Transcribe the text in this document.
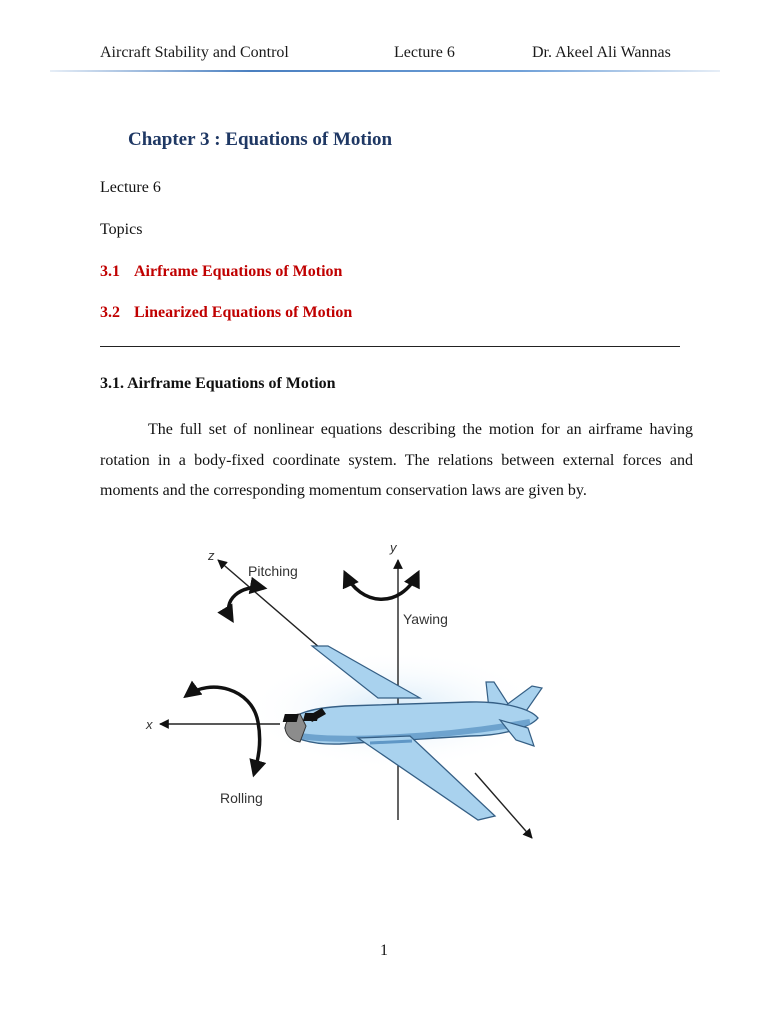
Aircraft Stability and Control	Lecture 6	Dr. Akeel Ali Wannas
Chapter 3 : Equations of Motion
Lecture 6
Topics
3.1 Airframe Equations of Motion
3.2 Linearized Equations of Motion
3.1. Airframe Equations of Motion

The full set of nonlinear equations describing the motion for an airframe having rotation in a body-fixed coordinate system. The relations between external forces and moments and the corresponding momentum conservation laws are given by.

y
x
z
Pitching
Yawing
Rolling
1
